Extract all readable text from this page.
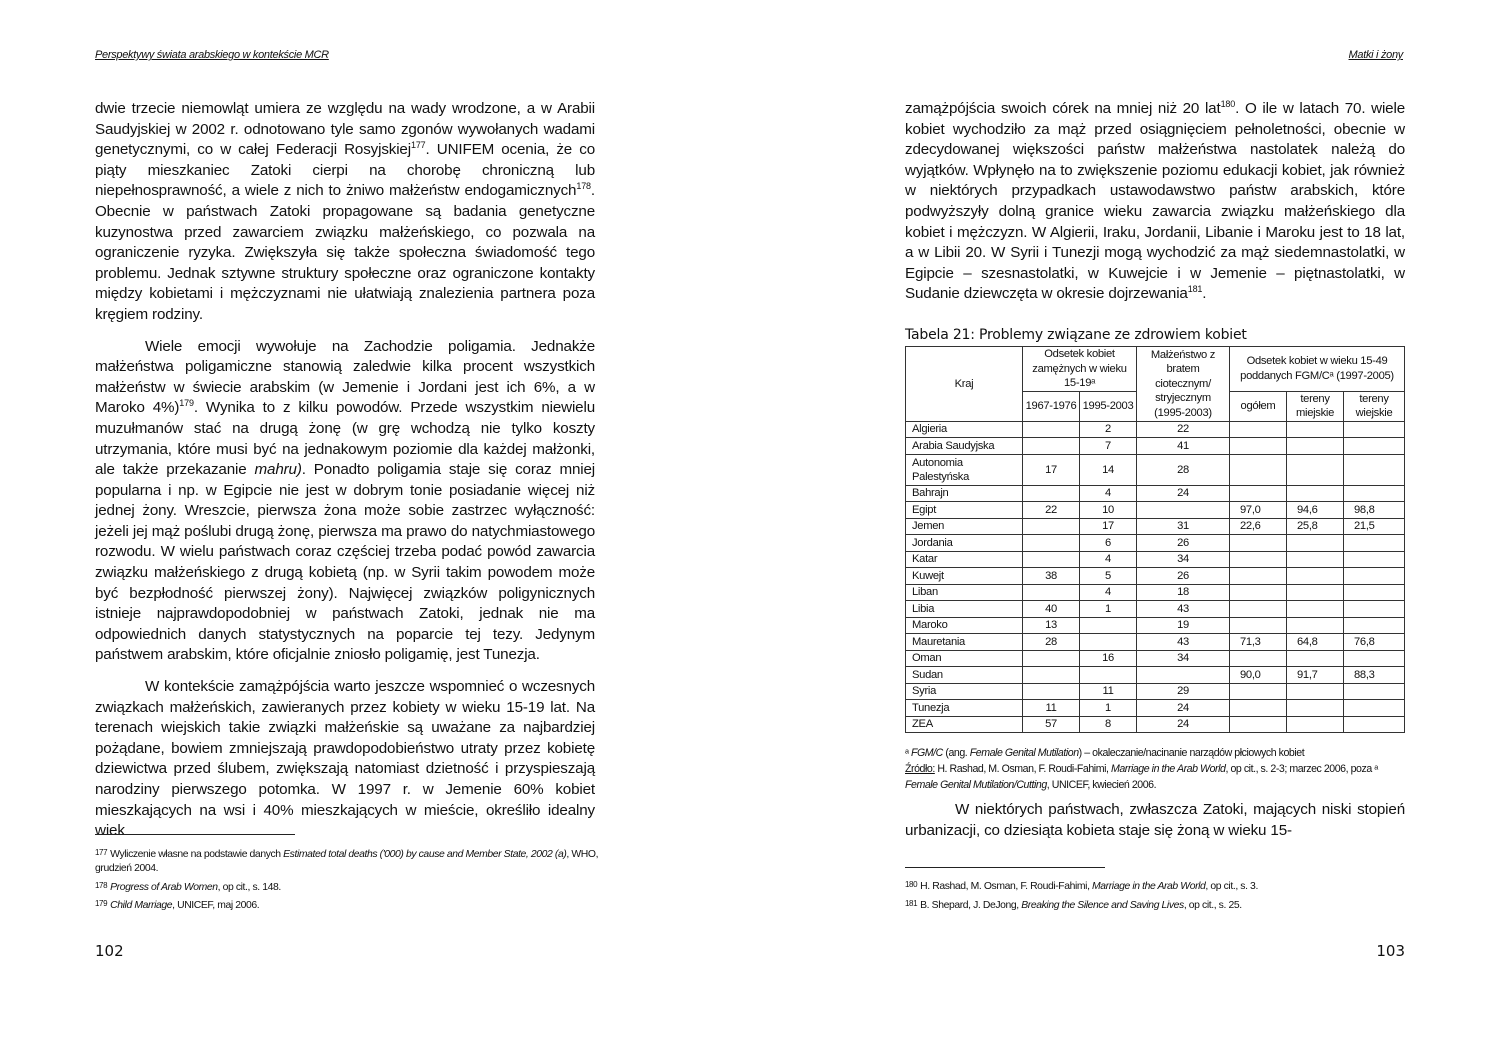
Perspektywy świata arabskiego w kontekście MCR

dwie trzecie niemowląt umiera ze względu na wady wrodzone, a w Arabii Saudyjskiej w 2002 r. odnotowano tyle samo zgonów wywołanych wadami genetycznymi, co w całej Federacji Rosyjskiej$^{177}$. UNIFEM ocenia, że co piąty mieszkaniec Zatoki cierpi na chorobę chroniczną lub niepełnosprawność, a wiele z nich to żniwo małżeństw endogamicznych$^{178}$. Obecnie w państwach Zatoki propagowane są badania genetyczne kuzynostwa przed zawarciem związku małżeńskiego, co pozwala na ograniczenie ryzyka. Zwiększyła się także społeczna świadomość tego problemu. Jednak sztywne struktury społeczne oraz ograniczone kontakty między kobietami i mężczyznami nie ułatwiają znalezienia partnera poza kręgiem rodziny.

Wiele emocji wywołuje na Zachodzie poligamia. Jednakże małżeństwa poligamiczne stanowią zaledwie kilka procent wszystkich małżeństw w świecie arabskim (w Jemenie i Jordani jest ich 6%, a w Maroko 4%)$^{179}$. Wynika to z kilku powodów. Przede wszystkim niewielu muzułmanów stać na drugą żonę (w grę wchodzą nie tylko koszty utrzymania, które musi być na jednakowym poziomie dla każdej małżonki, ale także przekazanie mahru). Ponadto poligamia staje się coraz mniej popularna i np. w Egipcie nie jest w dobrym tonie posiadanie więcej niż jednej żony. Wreszcie, pierwsza żona może sobie zastrzec wyłączność: jeżeli jej mąż poślubi drugą żonę, pierwsza ma prawo do natychmiastowego rozwodu. W wielu państwach coraz częściej trzeba podać powód zawarcia związku małżeńskiego z drugą kobietą (np. w Syrii takim powodem może być bezpłodność pierwszej żony). Najwięcej związków poligynicznych istnieje najprawdopodobniej w państwach Zatoki, jednak nie ma odpowiednich danych statystycznych na poparcie tej tezy. Jedynym państwem arabskim, które oficjalnie zniosło poligamię, jest Tunezja.

W kontekście zamążpójścia warto jeszcze wspomnieć o wczesnych związkach małżeńskich, zawieranych przez kobiety w wieku 15-19 lat. Na terenach wiejskich takie związki małżeńskie są uważane za najbardziej pożądane, bowiem zmniejszają prawdopodobieństwo utraty przez kobietę dziewictwa przed ślubem, zwiększają natomiast dzietność i przyspieszają narodziny pierwszego potomka. W 1997 r. w Jemenie 60% kobiet mieszkających na wsi i 40% mieszkających w mieście, określiło idealny wiek

177 Wyliczenie własne na podstawie danych Estimated total deaths ('000) by cause and Member State, 2002 (a), WHO, grudzień 2004.
178 Progress of Arab Women, op cit., s. 148.
179 Child Marriage, UNICEF, maj 2006.
102
Matki i żony

zamążpójścia swoich córek na mniej niż 20 lat$^{180}$. O ile w latach 70. wiele kobiet wychodziło za mąż przed osiągnięciem pełnoletności, obecnie w zdecydowanej większości państw małżeństwa nastolatek należą do wyjątków. Wpłynęło na to zwiększenie poziomu edukacji kobiet, jak również w niektórych przypadkach ustawodawstwo państw arabskich, które podwyższyły dolną granice wieku zawarcia związku małżeńskiego dla kobiet i mężczyzn. W Algierii, Iraku, Jordanii, Libanie i Maroku jest to 18 lat, a w Libii 20. W Syrii i Tunezji mogą wychodzić za mąż siedemnastolatki, w Egipcie – szesnastolatki, w Kuwejcie i w Jemenie – piętnastolatki, w Sudanie dziewczęta w okresie dojrzewania$^{181}$.

Tabela 21: Problemy związane ze zdrowiem kobiet
Kraj	Odsetek kobiet zamężnych w wieku 15-19ᵃ		Małżeństwo z bratem ciotecznym/ stryjecznym (1995-2003)	Odsetek kobiet w wieku 15-49 poddanych FGM/Cᵃ (1997-2005)		
	1967-1976	1995-2003		ogółem	tereny miejskie	tereny wiejskie
Algieria		2	22			
Arabia Saudyjska		7	41			
Autonomia Palestyńska	17	14	28			
Bahrajn		4	24			
Egipt	22	10		97,0	94,6	98,8
Jemen		17	31	22,6	25,8	21,5
Jordania		6	26			
Katar		4	34			
Kuwejt	38	5	26			
Liban		4	18			
Libia	40	1	43			
Maroko	13		19			
Mauretania	28		43	71,3	64,8	76,8
Oman		16	34			
Sudan				90,0	91,7	88,3
Syria		11	29			
Tunezja	11	1	24			
ZEA	57	8	24			
ᵃ FGM/C (ang. Female Genital Mutilation) – okaleczanie/nacinanie narządów płciowych kobiet
Źródło: H. Rashad, M. Osman, F. Roudi-Fahimi, Marriage in the Arab World, op cit., s. 2-3; marzec 2006, poza ᵃ Female Genital Mutilation/Cutting, UNICEF, kwiecień 2006.

W niektórych państwach, zwłaszcza Zatoki, mających niski stopień urbanizacji, co dziesiąta kobieta staje się żoną w wieku 15-

180 H. Rashad, M. Osman, F. Roudi-Fahimi, Marriage in the Arab World, op cit., s. 3.
181 B. Shepard, J. DeJong, Breaking the Silence and Saving Lives, op cit., s. 25.
103
